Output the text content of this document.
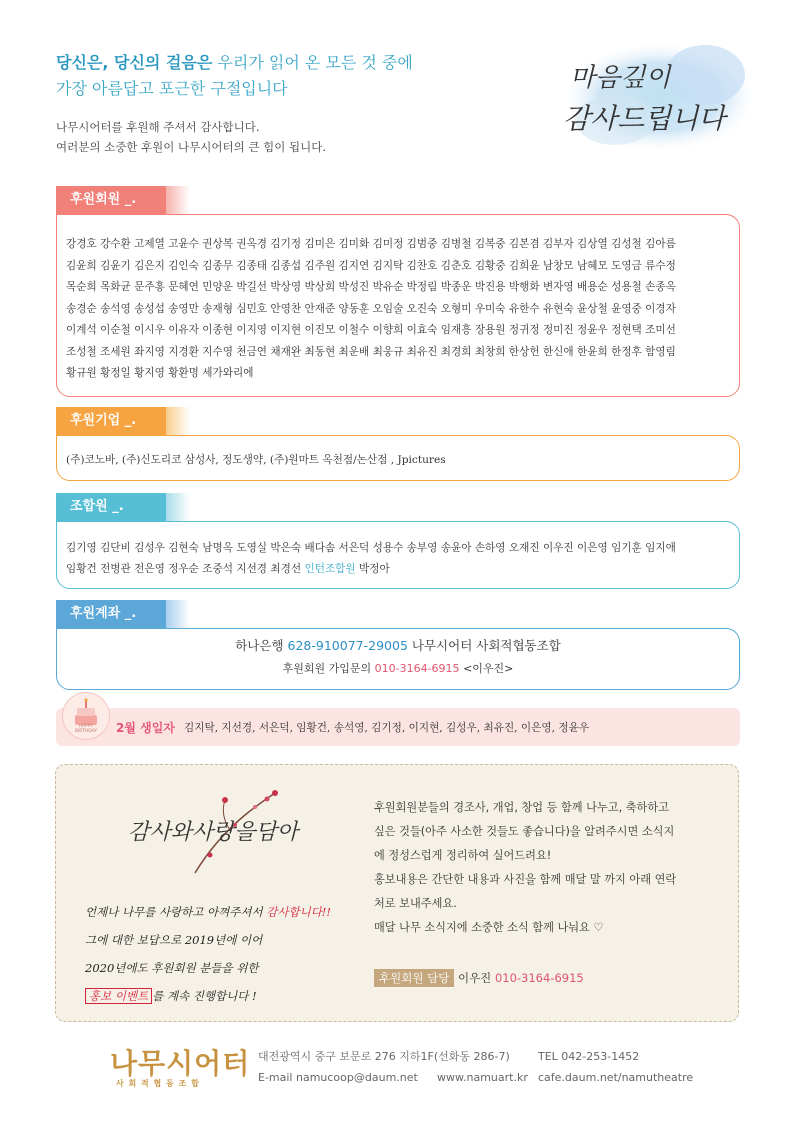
당신은, 당신의 걸음은 우리가 읽어 온 모든 것 중에
가장 아름답고 포근한 구절입니다

나무시어터를 후원해 주셔서 감사합니다.
여러분의 소중한 후원이 나무시어터의 큰 힘이 됩니다.

마음깊이
감사드립니다
후원회원 _.
강경호 강수환 고제열 고윤수 권상복 권옥경 김기정 김미은 김미화 김미정 김범중 김병철 김복중 김본겸 김부자 김상열 김성철 김아름
김윤희 김윤기 김은지 김인숙 김종무 김종태 김종섭 김주원 김지연 김지탁 김찬호 김춘호 김황중 김희윤 남창모 남혜모 도영금 류수정
목순희 목화균 문주홍 문혜연 민양운 박길선 박상영 박상희 박성진 박유순 박정림 박종운 박진용 박행화 변자영 배용순 성용철 손종옥
송경순 송석영 송성섭 송영만 송재형 심민호 안영찬 안재준 양동훈 오임술 오진숙 오형미 우미숙 유한수 유현숙 윤상철 윤영중 이경자
이계석 이순철 이시우 이유자 이종현 이지영 이지현 이진모 이철수 이향희 이효숙 임재흥 장용원 정귀정 정미진 정윤우 정현택 조미선
조성철 조세원 좌지영 지경환 지수영 천금연 채재완 최동현 최운배 최웅규 최유진 최경희 최창희 한상헌 한신애 한윤희 한정후 함영림
황규원 황정일 황지영 황환명 세가와리에
후원기업 _.
(주)코노바, (주)신도리코 삼성사, 정도생약, (주)원마트 옥천점/논산점 , Jpictures
조합원 _.
김기영 김단비 김성우 김현숙 남명옥 도영실 박은숙 배다솜 서은덕 성용수 송부영 송윤아 손하영 오재진 이우진 이은영 임기훈 임지애
임황건 전병관 전은영 정우순 조중석 지선경 최경선 인턴조합원 박정아
후원계좌 _.
하나은행 628-910077-29005 나무시어터 사회적협동조합
후원회원 가입문의 010-3164-6915 <이우진>
HAPPY
BIRTHDAY	2월 생일자 김지탁, 지선경, 서은덕, 임황건, 송석영, 김기정, 이지현, 김성우, 최유진, 이은영, 정윤우
감사와사랑을담아
언제나 나무를 사랑하고 아껴주셔서 감사합니다!!
그에 대한 보답으로 2019년에 이어
2020년에도 후원회원 분들을 위한
홍보 이벤트 를 계속 진행합니다 !
후원회원분들의 경조사, 개업, 창업 등 함께 나누고, 축하하고
싶은 것들(아주 사소한 것들도 좋습니다)을 알려주시면 소식지
에 정성스럽게 정리하여 실어드려요!
홍보내용은 간단한 내용과 사진을 함께 매달 말 까지 아래 연락
처로 보내주세요.
매달 나무 소식지에 소중한 소식 함께 나눠요 ♡
후원회원 담당 이우진 010-3164-6915
나무시어터
사 회 적 협 동 조 합
대전광역시 중구 보문로 276 지하1F(선화동 286-7)	TEL 042-253-1452
E-mail namucoop@daum.net www.namuart.kr cafe.daum.net/namutheatre
